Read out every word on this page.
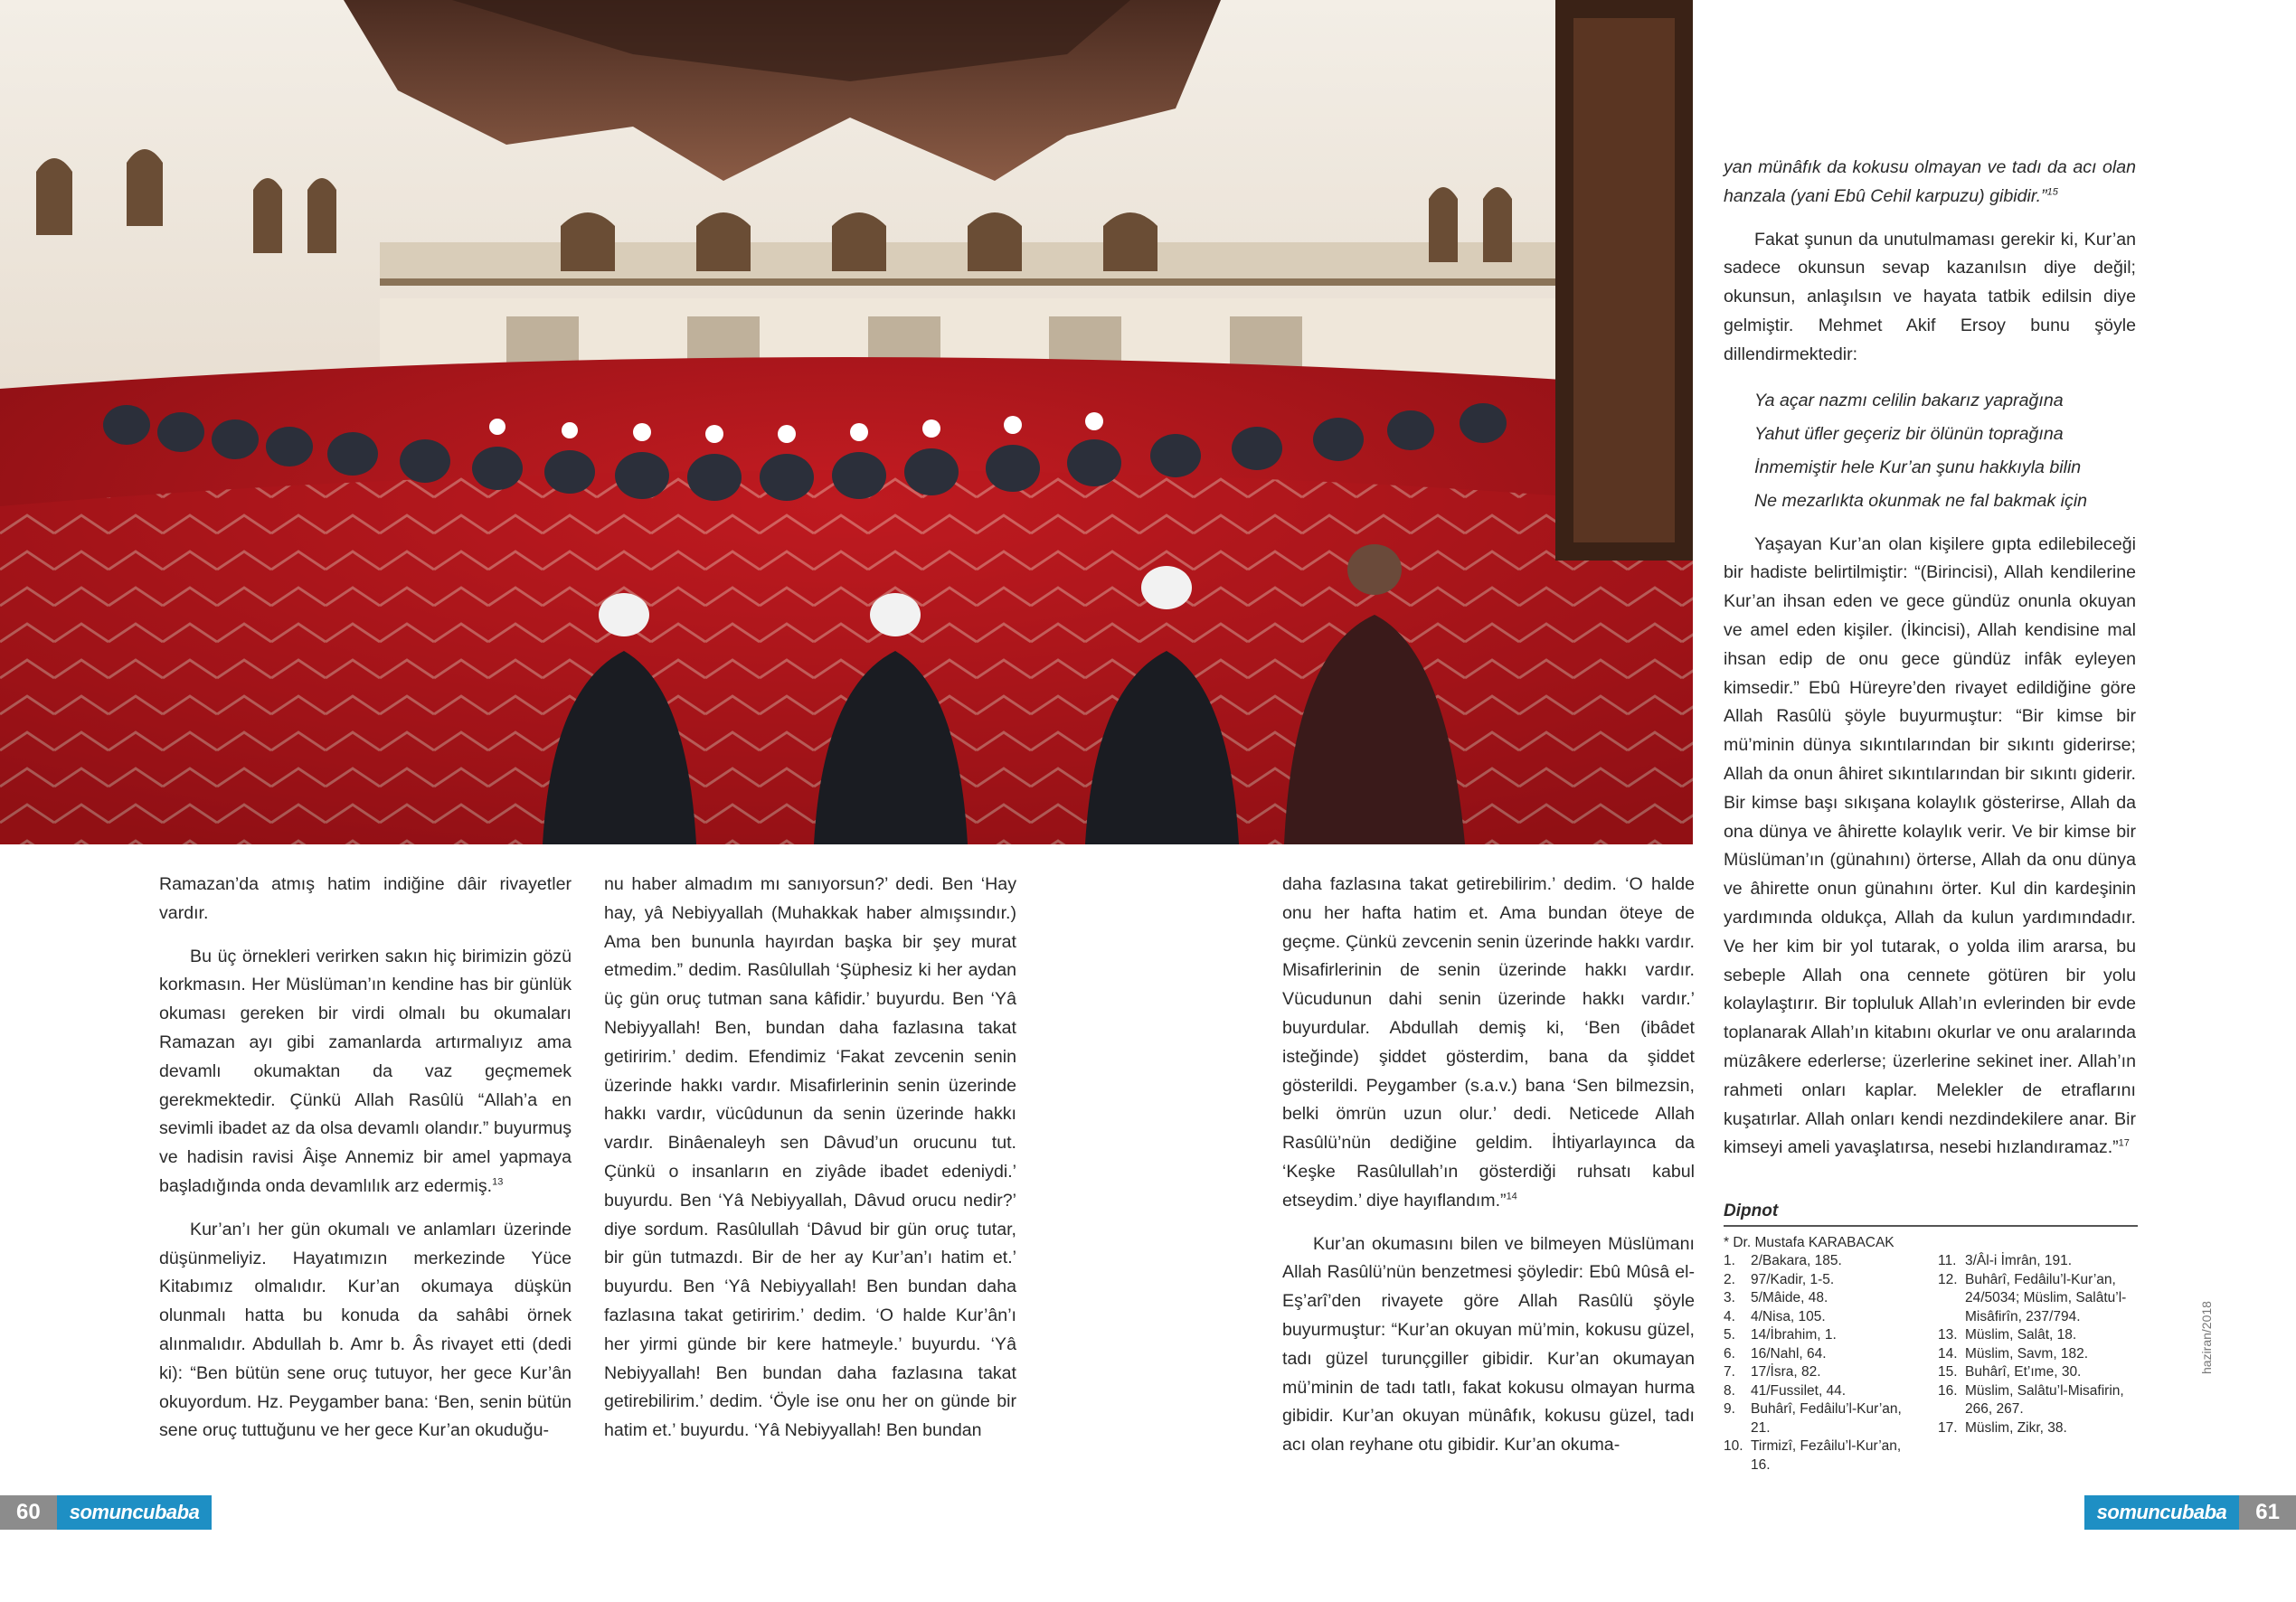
Ramazan’da atmış hatim indiğine dâir rivayetler vardır.

Bu üç örnekleri verirken sakın hiç birimizin gözü korkmasın. Her Müslüman’ın kendine has bir günlük okuması gereken bir virdi olmalı bu okumaları Ramazan ayı gibi zamanlarda artırmalıyız ama devamlı okumaktan da vaz geçmemek gerekmektedir. Çünkü Allah Rasûlü “Allah’a en sevimli ibadet az da olsa devamlı olandır.” buyurmuş ve hadisin ravisi Âişe Annemiz bir amel yapmaya başladığında onda devamlılık arz edermiş.$^{13}$

Kur’an’ı her gün okumalı ve anlamları üzerinde düşünmeliyiz. Hayatımızın merkezinde Yüce Kitabımız olmalıdır. Kur’an okumaya düşkün olunmalı hatta bu konuda da sahâbi örnek alınmalıdır. Abdullah b. Amr b. Âs rivayet etti (dedi ki): “Ben bütün sene oruç tutuyor, her gece Kur’ân okuyordum. Hz. Peygamber bana: ‘Ben, senin bütün sene oruç tuttuğunu ve her gece Kur’an okuduğu-

nu haber almadım mı sanıyorsun?’ dedi. Ben ‘Hay hay, yâ Nebiyyallah (Muhakkak haber almışsındır.) Ama ben bununla hayırdan başka bir şey murat etmedim.” dedim. Rasûlullah ‘Şüphesiz ki her aydan üç gün oruç tutman sana kâfidir.’ buyurdu. Ben ‘Yâ Nebiyyallah! Ben, bundan daha fazlasına takat getiririm.’ dedim. Efendimiz ‘Fakat zevcenin senin üzerinde hakkı vardır. Misafirlerinin senin üzerinde hakkı vardır, vücûdunun da senin üzerinde hakkı vardır. Binâenaleyh sen Dâvud’un orucunu tut. Çünkü o insanların en ziyâde ibadet edeniydi.’ buyurdu. Ben ‘Yâ Nebiyyallah, Dâvud orucu nedir?’ diye sordum. Rasûlullah ‘Dâvud bir gün oruç tutar, bir gün tutmazdı. Bir de her ay Kur’an’ı hatim et.’ buyurdu. Ben ‘Yâ Nebiyyallah! Ben bundan daha fazlasına takat getiririm.’ dedim. ‘O halde Kur’ân’ı her yirmi günde bir kere hatmeyle.’ buyurdu. ‘Yâ Nebiyyallah! Ben bundan daha fazlasına takat getirebilirim.’ dedim. ‘Öyle ise onu her on günde bir hatim et.’ buyurdu. ‘Yâ Nebiyyallah! Ben bundan

daha fazlasına takat getirebilirim.’ dedim. ‘O halde onu her hafta hatim et. Ama bundan öteye de geçme. Çünkü zevcenin senin üzerinde hakkı vardır. Misafirlerinin de senin üzerinde hakkı vardır. Vücudunun dahi senin üzerinde hakkı vardır.’ buyurdular. Abdullah demiş ki, ‘Ben (ibâdet isteğinde) şiddet gösterdim, bana da şiddet gösterildi. Peygamber (s.a.v.) bana ‘Sen bilmezsin, belki ömrün uzun olur.’ dedi. Neticede Allah Rasûlü’nün dediğine geldim. İhtiyarlayınca da ‘Keşke Rasûlullah’ın gösterdiği ruhsatı kabul etseydim.’ diye hayıflandım.”$^{14}$

Kur’an okumasını bilen ve bilmeyen Müslümanı Allah Rasûlü’nün benzetmesi şöyledir: Ebû Mûsâ el-Eş’arî’den rivayete göre Allah Rasûlü şöyle buyurmuştur: “Kur’an okuyan mü’min, kokusu güzel, tadı güzel turunçgiller gibidir. Kur’an okumayan mü’minin de tadı tatlı, fakat kokusu olmayan hurma gibidir. Kur’an okuyan münâfık, kokusu güzel, tadı acı olan reyhane otu gibidir. Kur’an okuma-

yan münâfık da kokusu olmayan ve tadı da acı olan hanzala (yani Ebû Cehil karpuzu) gibidir.”$^{15}$

Fakat şunun da unutulmaması gerekir ki, Kur’an sadece okunsun sevap kazanılsın diye değil; okunsun, anlaşılsın ve hayata tatbik edilsin diye gelmiştir. Mehmet Akif Ersoy bunu şöyle dillendirmektedir:

Ya açar nazmı celilin bakarız yaprağına
Yahut üfler geçeriz bir ölünün toprağına
İnmemiştir hele Kur’an şunu hakkıyla bilin
Ne mezarlıkta okunmak ne fal bakmak için

Yaşayan Kur’an olan kişilere gıpta edilebileceği bir hadiste belirtilmiştir: “(Birincisi), Allah kendilerine Kur’an ihsan eden ve gece gündüz onunla okuyan ve amel eden kişiler. (İkincisi), Allah kendisine mal ihsan edip de onu gece gündüz infâk eyleyen kimsedir.” Ebû Hüreyre’den rivayet edildiğine göre Allah Rasûlü şöyle buyurmuştur: “Bir kimse bir mü’minin dünya sıkıntılarından bir sıkıntı giderirse; Allah da onun âhiret sıkıntılarından bir sıkıntı giderir. Bir kimse başı sıkışana kolaylık gösterirse, Allah da ona dünya ve âhirette kolaylık verir. Ve bir kimse bir Müslüman’ın (günahını) örterse, Allah da onu dünya ve âhirette onun günahını örter. Kul din kardeşinin yardımında oldukça, Allah da kulun yardımındadır. Ve her kim bir yol tutarak, o yolda ilim ararsa, bu sebeple Allah ona cennete götüren bir yolu kolaylaştırır. Bir topluluk Allah’ın evlerinden bir evde toplanarak Allah’ın kitabını okurlar ve onu aralarında müzâkere ederlerse; üzerlerine sekinet iner. Allah’ın rahmeti onları kaplar. Melekler de etraflarını kuşatırlar. Allah onları kendi nezdindekilere anar. Bir kimseyi ameli yavaşlatırsa, nesebi hızlandıramaz.”$^{17}$

Dipnot
* Dr. Mustafa KARABACAK
1.	2/Bakara, 185.
2.	97/Kadir, 1-5.
3.	5/Mâide, 48.
4.	4/Nisa, 105.
5.	14/İbrahim, 1.
6.	16/Nahl, 64.
7.	17/İsra, 82.
8.	41/Fussilet, 44.
9.	Buhârî, Fedâilu’l-Kur’an, 21.
10. Tirmizî, Fezâilu’l-Kur’an, 16.
11. 3/Âl-i İmrân, 191.
12. Buhârî, Fedâilu’l-Kur’an, 24/5034; Müslim, Salâtu’l-Misâfirîn, 237/794.
13. Müslim, Salât, 18.
14. Müslim, Savm, 182.
15. Buhârî, Et’ıme, 30.
16. Müslim, Salâtu’l-Misafirin, 266, 267.
17. Müslim, Zikr, 38.
haziran/2018
60	somuncubaba	somuncubaba	61
